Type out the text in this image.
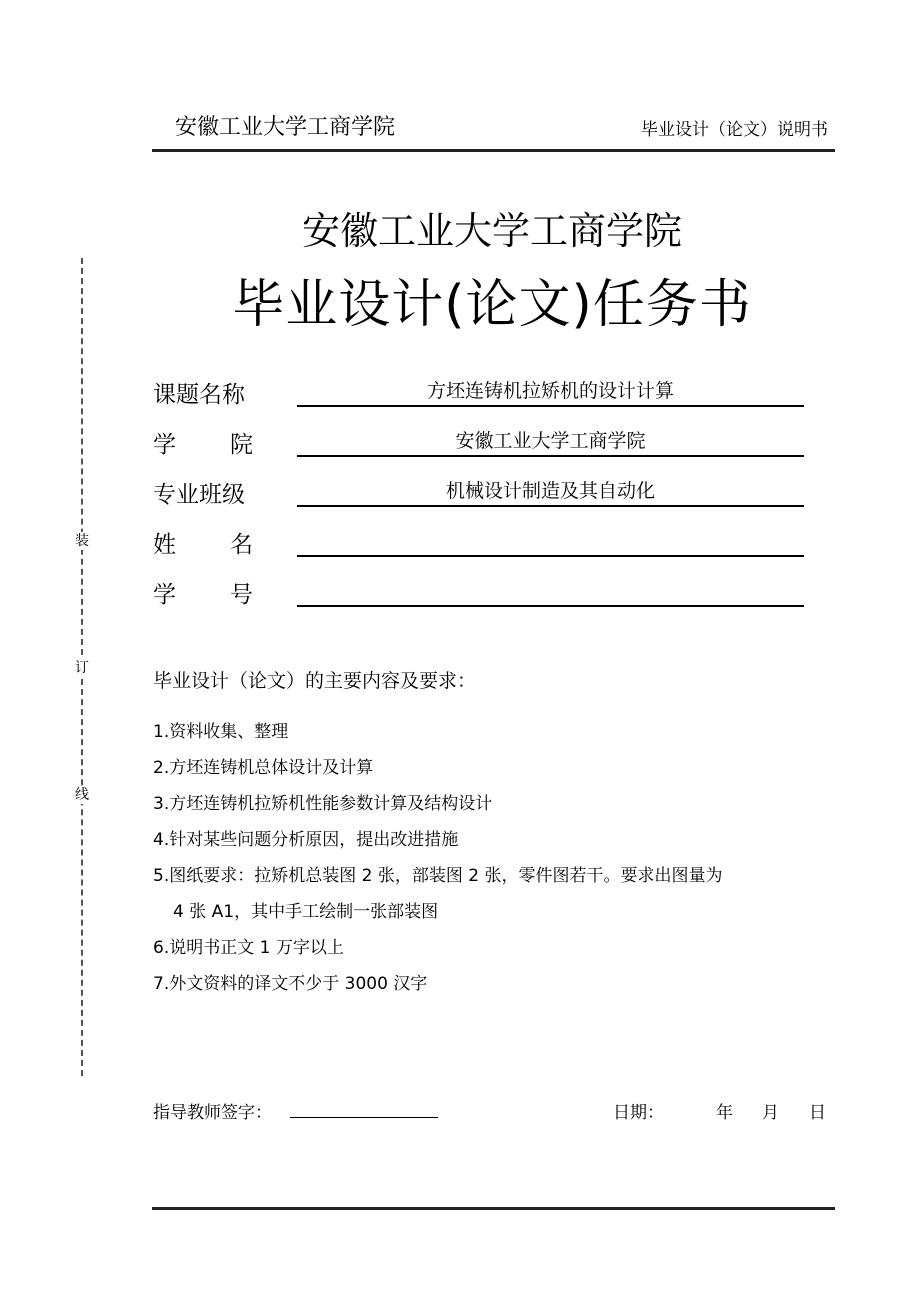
安徽工业大学工商学院	毕业设计（论文）说明书
装
订
线
安徽工业大学工商学院
毕业设计(论文)任务书
课题名称	方坯连铸机拉矫机的设计计算
学 院	安徽工业大学工商学院
专业班级	机械设计制造及其自动化
姓 名
学 号
毕业设计（论文）的主要内容及要求：
1.资料收集、整理
2.方坯连铸机总体设计及计算
3.方坯连铸机拉矫机性能参数计算及结构设计
4.针对某些问题分析原因，提出改进措施
5.图纸要求：拉矫机总装图 2 张，部装图 2 张，零件图若干。要求出图量为
4 张 A1，其中手工绘制一张部装图
6.说明书正文 1 万字以上
7.外文资料的译文不少于 3000 汉字
指导教师签字：	日期：	年 月 日
